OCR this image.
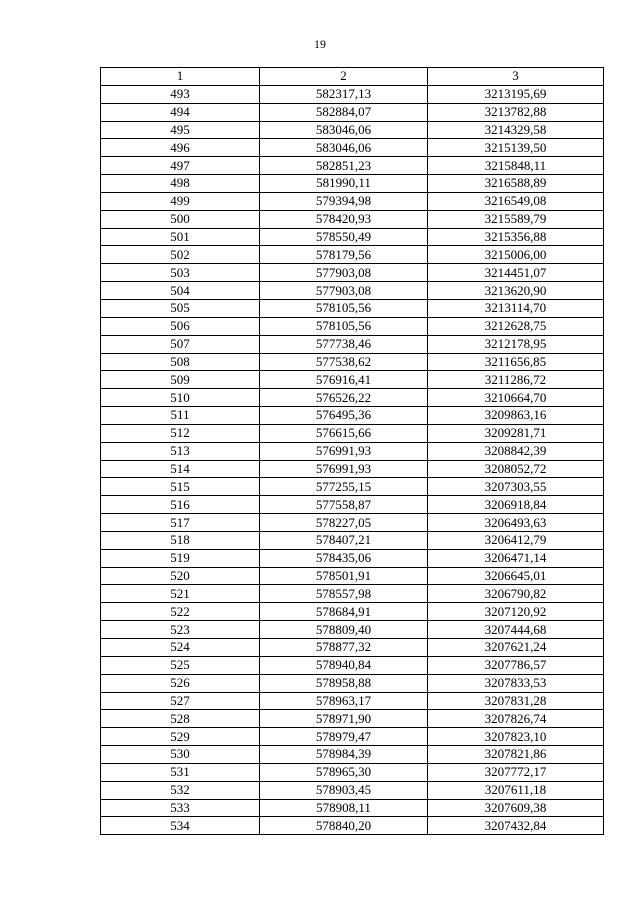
19
1	2	3
493	582317,13	3213195,69
494	582884,07	3213782,88
495	583046,06	3214329,58
496	583046,06	3215139,50
497	582851,23	3215848,11
498	581990,11	3216588,89
499	579394,98	3216549,08
500	578420,93	3215589,79
501	578550,49	3215356,88
502	578179,56	3215006,00
503	577903,08	3214451,07
504	577903,08	3213620,90
505	578105,56	3213114,70
506	578105,56	3212628,75
507	577738,46	3212178,95
508	577538,62	3211656,85
509	576916,41	3211286,72
510	576526,22	3210664,70
511	576495,36	3209863,16
512	576615,66	3209281,71
513	576991,93	3208842,39
514	576991,93	3208052,72
515	577255,15	3207303,55
516	577558,87	3206918,84
517	578227,05	3206493,63
518	578407,21	3206412,79
519	578435,06	3206471,14
520	578501,91	3206645,01
521	578557,98	3206790,82
522	578684,91	3207120,92
523	578809,40	3207444,68
524	578877,32	3207621,24
525	578940,84	3207786,57
526	578958,88	3207833,53
527	578963,17	3207831,28
528	578971,90	3207826,74
529	578979,47	3207823,10
530	578984,39	3207821,86
531	578965,30	3207772,17
532	578903,45	3207611,18
533	578908,11	3207609,38
534	578840,20	3207432,84
